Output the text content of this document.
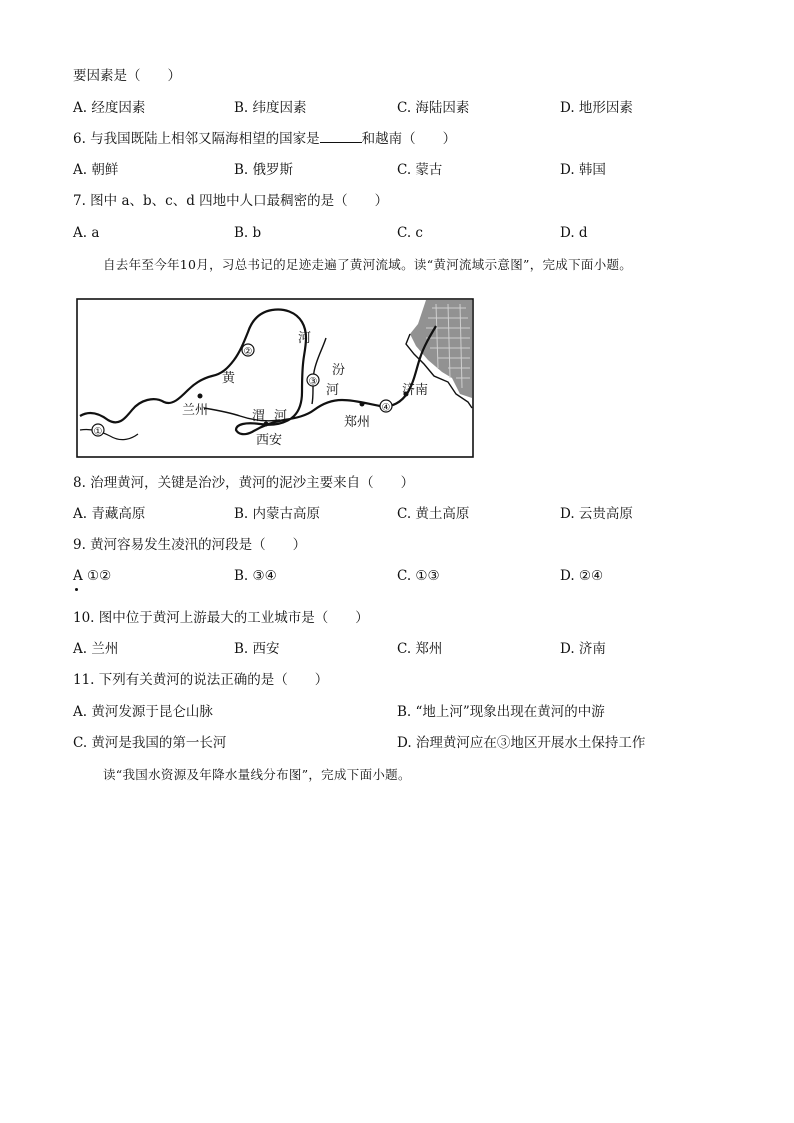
要因素是（　　）
A. 经度因素	B. 纬度因素	C. 海陆因素	D. 地形因素
6. 与我国既陆上相邻又隔海相望的国家是	和越南（　　）
A. 朝鲜	B. 俄罗斯	C. 蒙古	D. 韩国
7. 图中 a、b、c、d 四地中人口最稠密的是（　　）
A. a	B. b	C. c	D. d
自去年至今年10月，习总书记的足迹走遍了黄河流域。读“黄河流域示意图”，完成下面小题。
①
②
③
④
河
黄
汾
河
兰州	渭 河
西安
郑州
济南
8. 治理黄河，关键是治沙，黄河的泥沙主要来自（　　）
A. 青藏高原	B. 内蒙古高原	C. 黄土高原	D. 云贵高原
9. 黄河容易发生凌汛的河段是（　　）
A ①②	B. ③④	C. ①③	D. ②④
10. 图中位于黄河上游最大的工业城市是（　　）
A. 兰州	B. 西安	C. 郑州	D. 济南
11. 下列有关黄河的说法正确的是（　　）
A. 黄河发源于昆仑山脉	B. “地上河”现象出现在黄河的中游
C. 黄河是我国的第一长河	D. 治理黄河应在③地区开展水土保持工作
读“我国水资源及年降水量线分布图”，完成下面小题。
